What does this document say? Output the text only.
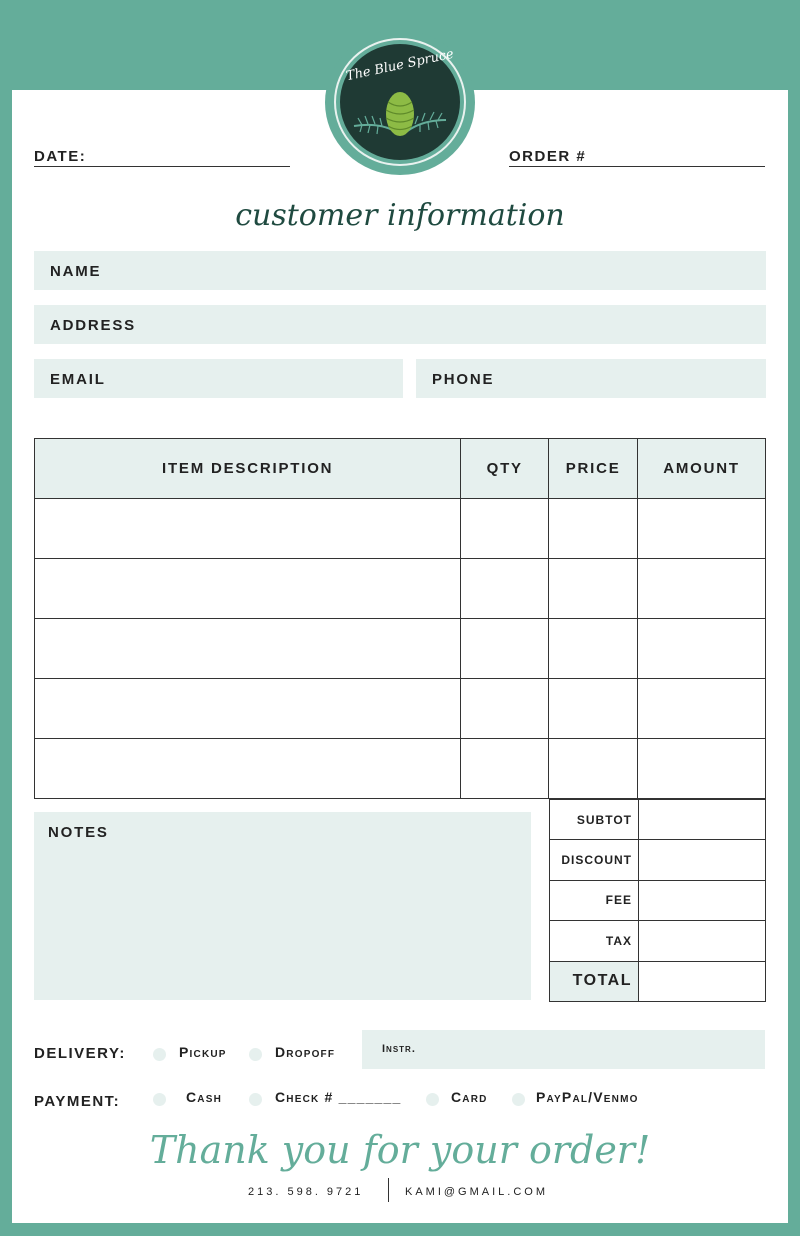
The Blue Spruce
DATE:	ORDER #
customer information
NAME
ADDRESS
EMAIL	PHONE
ITEM DESCRIPTION	QTY	PRICE	AMOUNT

NOTES
SUBTOT	
DISCOUNT	
FEE	
TAX	
TOTAL	
DELIVERY:	Pickup	Dropoff	Instr.
PAYMENT:	Cash	Check # _______	Card	PayPal/Venmo
Thank you for your order!
213. 598. 9721	KAMI@GMAIL.COM
